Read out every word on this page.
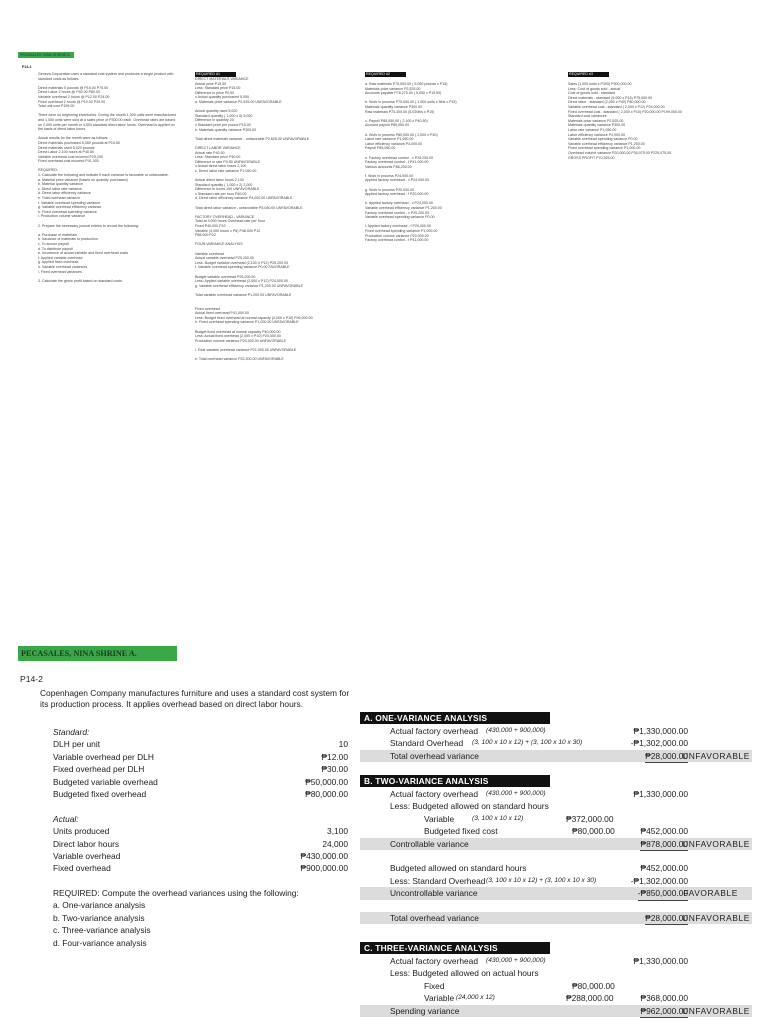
PECASALES, NINA SHRINE A.
P14-1
Geneva Corporation uses a standard cost system and produces a single product with
standard costs as follows:
Direct materials 5 pounds @ P15.00 P75.00
Direct Labor 2 hours @ P40.00 P80.00
Variable overhead 2 hours @ P12.00 P24.00
Fixed overhead 2 hours @ P10.00 P20.00
Total unit cost P199.00
There were no beginning inventories. During the month 1,000 units were manufactured
and 1,000 units were sold at a sales price of P300.00 each. Overhead rates are based
on 2,000 units per month or 4,000 standard direct labor hours. Overhead is applied on
the basis of direct labor hours.
Actual results for the month were as follows:
Direct materials purchased 5,050 pounds at P15.50
Direct materials used 5,020 pounds
Direct Labor 2,100 hours at P40.50
Variable overhead cost incurred P25,200
Fixed overhead cost incurred P41,000
REQUIRED:
1. Calculate the following and indicate if each variance is favorable or unfavorable.
a. Material price variance (based on quantity purchased)
b. Material quantity variance
c. Direct labor rate variance
d. Direct labor efficiency variance
e. Total overhead variance
f. Variable overhead spending variance
g. Variable overhead efficiency variance
h. Fixed overhead spending variance
i. Production volume variance
2. Prepare the necessary journal entries to record the following:
a. Purchase of materials
b. Issuance of materials to production
c. To accrue payroll
d. To distribute payroll
e. Incurrence of actual variable and fixed overhead costs
f. Applied variable overhead
g. Applied fixed overhead
h. Variable overhead variances
i. Fixed overhead variances
3. Calculate the gross profit based on standard costs.
REQUIRED #1
DIRECT MATERIALS VARIANCE
Actual price P15.50
Less: Standard price P15.00
Difference in price P0.50
x Actual quantity purchased 5,050
a. Materials price variance P2,525.00 UNFAVORABLE
Actual quantity used 5,020
Standard quantity ( 1,000 x 5) 5,000
Difference in quantity 20
x Standard price per pound P15.00
b. Materials quantity variance P300.00
Total direct materials variance - unfavorable P2,825.00 UNFAVORABLE
DIRECT LABOR VARIANCE
Actual rate P40.50
Less: Standard price P40.00
Difference in rate P0.50 UNFAVORABLE
x Actual direct labor hours 2,100
c. Direct labor rate variance P1,050.00
Actual direct labor hours 2,100
Standard quantity ( 1,000 x 2) 2,000
Difference in hours 100 UNFAVORABLE
x Standard rate per hour P40.00
d. Direct labor efficiency variance P4,000.00 UNFAVORABLE
Total direct labor variance - unfavorable P5,050.00 UNFAVORABLE
FACTORY OVERHEAD - VARIANCE
Total at 4,000 hours Overhead rate per hour
Fixed P40,000 P10
Variable (4,000 hours x P6) P48,000 P12
P88,000 P22
FOUR-VARIANCE ANALYSIS
Variable overhead
Actual variable overhead P25,200.00
Less: Budget variable overhead (2,100 X P12) P25,200.00
f. Variable overhead spending variance P0.00 FAVORABLE
Budget variable overhead P25,200.00
Less: Applied variable overhead (2,000 x P12) P24,000.00
g. Variable overhead efficiency variance P1,200.00 UNFAVORABLE
Total variable overhead variance P1,200.00 UNFAVORABLE
Fixed overhead
Actual fixed overhead P41,000.00
Less: Budget fixed overhead at normal capacity (4,000 x P10) P40,000.00
h. Fixed overhead spending variance P1,000.00 UNFAVORABLE
Budget fixed overhead at normal capacity P40,000.00
Less: Actual fixed overhead (2,000 x P10) P20,000.00
Production volume variance P20,000.00 UNFAVORABLE
i. Total variable overhead variance P21,000.00 UNFAVORABLE
e. Total overhead variance P22,200.00 UNFAVORABLE
REQUIRED #2
a. Raw materials P75,000.00 ( 5,050 pounds x P15)
Materials price variance P2,525.00
Accounts payable P78,275.00 ( 5,050 x P15.50)
b. Work in process P75,000.00 ( 1,000 units x 5lbs x P15)
Materials quantity variance P300.00
Raw materials P75,300.00 (5,020lbs x P15)
c. Payroll P85,050.00 ( 2,100 x P40.50)
Accrued payroll P85,050.00
d. Work in process P80,000.00 ( 2,000 x P40)
Labor rate variance P1,050.00
Labor efficiency variance P4,000.00
Payroll P85,050.00
e. Factory overhead control - v P25,200.00
Factory overhead control - f P41,000.00
Various accounts P66,200.00
f. Work in process P24,000.00
Applied factory overhead - v P24,000.00
g. Work in process P20,000.00
Applied factory overhead - f P20,000.00
h. Applied factory overhead - v P24,000.00
Variable overhead efficiency variance P1,200.00
Factory overhead control - v P25,200.00
Variable overhead spending variance P0.00
i. Applied factory overhead - f P20,000.00
Fixed overhead spending variance P1,000.00
Production volume variance P20,000.00
Factory overhead control - f P41,000.00
REQUIRED #3
Sales (1,000 units x P300) P300,000.00
Less: Cost of goods sold - actual
Cost of goods sold - standard
Direct materials - standard (5,000 x P15) P75,000.00
Direct labor - standard (2,000 x P40) P80,000.00
Variable overhead cost - standard ( 2,000 x P12) P24,000.00
Fixed overhead cost - standard ( 2,000 x P10) P20,000.00 P199,000.00
Standard cost variances
Materials price variance P2,525.00
Materials quantity variance P300.00
Labor rate variance P1,050.00
Labor efficiency variance P4,000.00
Variable overhead spending variance P0.00
Variable overhead efficiency variance P1,200.00
Fixed overhead spending variance P1,000.00
Overhead volume variance P20,000.00 P30,075.00 P229,075.00
GROSS PROFIT P70,925.00
PECASALES, NINA SHRINE A.
P14-2
Copenhagen Company manufactures furniture and uses a standard cost system for
its production process. It applies overhead based on direct labor hours.
Standard:
DLH per unit	10
Variable overhead per DLH	₱12.00
Fixed overhead per DLH	₱30.00
Budgeted variable overhead	₱50,000.00
Budgeted fixed overhead	₱80,000.00
Actual:
Units produced	3,100
Direct labor hours	24,000
Variable overhead	₱430,000.00
Fixed overhead	₱900,000.00
REQUIRED: Compute the overhead variances using the following:
a. One-variance analysis
b. Two-variance analysis
c. Three-variance analysis
d. Four-variance analysis
A. ONE-VARIANCE ANALYSIS
Actual factory overhead (430,000 + 900,000)	₱1,330,000.00
Standard Overhead (3, 100 x 10 x 12) + (3, 100 x 10 x 30)	-₱1,302,000.00
Total overhead variance	₱28,000.00
UNFAVORABLE
B. TWO-VARIANCE ANALYSIS
Actual factory overhead (430,000 + 900,000)	₱1,330,000.00
Less: Budgeted allowed on standard hours
Variable	(3, 100 x 10 x 12)	₱372,000.00
Budgeted fixed cost	₱80,000.00	₱452,000.00
Controllable variance	₱878,000.00
UNFAVORABLE
Budgeted allowed on standard hours	₱452,000.00
Less: Standard Overhead (3, 100 x 10 x 12) + (3, 100 x 10 x 30)	-₱1,302,000.00
Uncontrollable variance	-₱850,000.00
FAVORABLE
Total overhead variance	₱28,000.00
UNFAVORABLE
C. THREE-VARIANCE ANALYSIS
Actual factory overhead (430,000 + 900,000)	₱1,330,000.00
Less: Budgeted allowed on actual hours
Fixed	₱80,000.00
Variable (24,000 x 12)	₱288,000.00	₱368,000.00
Spending variance	₱962,000.00
UNFAVORABLE
